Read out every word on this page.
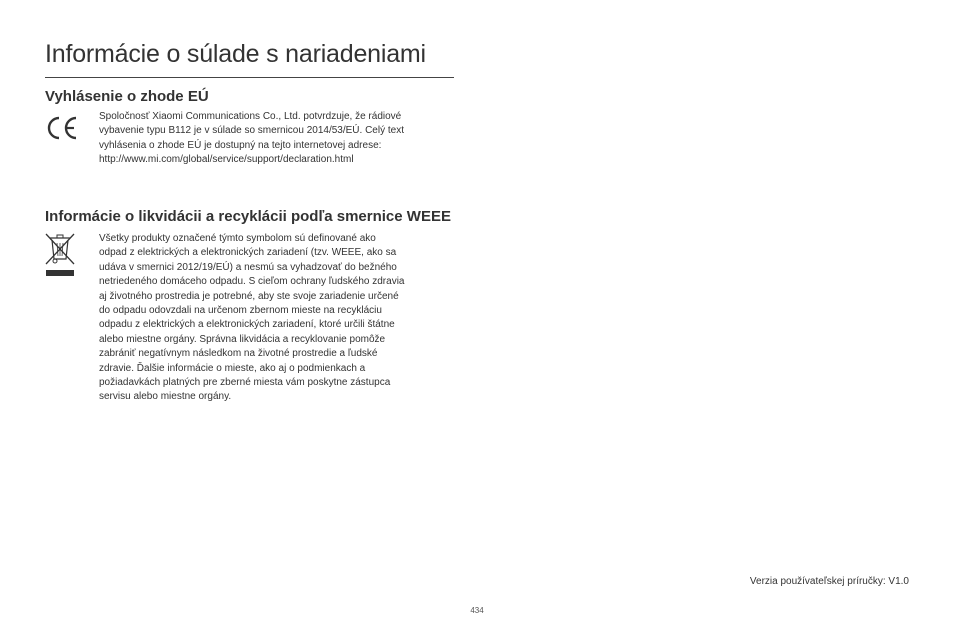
Informácie o súlade s nariadeniami
Vyhlásenie o zhode EÚ

Spoločnosť Xiaomi Communications Co., Ltd. potvrdzuje, že rádiové
vybavenie typu B112 je v súlade so smernicou 2014/53/EÚ. Celý text
vyhlásenia o zhode EÚ je dostupný na tejto internetovej adrese:
http://www.mi.com/global/service/support/declaration.html

Informácie o likvidácii a recyklácii podľa smernice WEEE

Všetky produkty označené týmto symbolom sú definované ako
odpad z elektrických a elektronických zariadení (tzv. WEEE, ako sa
udáva v smernici 2012/19/EÚ) a nesmú sa vyhadzovať do bežného
netriedeného domáceho odpadu. S cieľom ochrany ľudského zdravia
aj životného prostredia je potrebné, aby ste svoje zariadenie určené
do odpadu odovzdali na určenom zbernom mieste na recykláciu
odpadu z elektrických a elektronických zariadení, ktoré určili štátne
alebo miestne orgány. Správna likvidácia a recyklovanie pomôže
zabrániť negatívnym následkom na životné prostredie a ľudské
zdravie. Ďalšie informácie o mieste, ako aj o podmienkach a
požiadavkách platných pre zberné miesta vám poskytne zástupca
servisu alebo miestne orgány.

Verzia používateľskej príručky: V1.0
434
